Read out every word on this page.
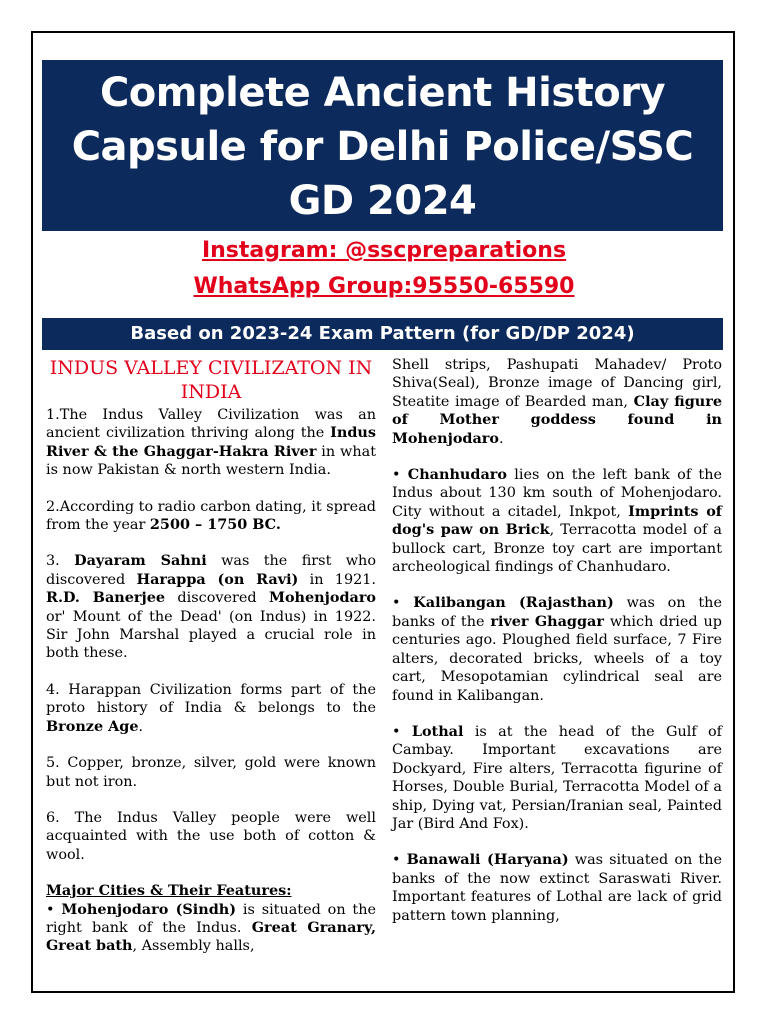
Complete Ancient History
Capsule for Delhi Police/SSC
GD 2024
Instagram: @sscpreparations
WhatsApp Group:95550-65590
Based on 2023-24 Exam Pattern (for GD/DP 2024)
INDUS VALLEY CIVILIZATON IN INDIA

1.The Indus Valley Civilization was an ancient civilization thriving along the Indus River & the Ghaggar-Hakra River in what is now Pakistan & north western India.

2.According to radio carbon dating, it spread from the year 2500 – 1750 BC.

3. Dayaram Sahni was the first who discovered Harappa (on Ravi) in 1921. R.D. Banerjee discovered Mohenjodaro or' Mount of the Dead' (on Indus) in 1922. Sir John Marshal played a crucial role in both these.

4. Harappan Civilization forms part of the proto history of India & belongs to the Bronze Age.

5. Copper, bronze, silver, gold were known but not iron.

6. The Indus Valley people were well acquainted with the use both of cotton & wool.

Major Cities & Their Features:

• Mohenjodaro (Sindh) is situated on the right bank of the Indus. Great Granary, Great bath, Assembly halls,

Shell strips, Pashupati Mahadev/ Proto Shiva(Seal), Bronze image of Dancing girl, Steatite image of Bearded man, Clay figure of Mother goddess found in Mohenjodaro.

• Chanhudaro lies on the left bank of the Indus about 130 km south of Mohenjodaro. City without a citadel, Inkpot, Imprints of dog's paw on Brick, Terracotta model of a bullock cart, Bronze toy cart are important archeological findings of Chanhudaro.

• Kalibangan (Rajasthan) was on the banks of the river Ghaggar which dried up centuries ago. Ploughed field surface, 7 Fire alters, decorated bricks, wheels of a toy cart, Mesopotamian cylindrical seal are found in Kalibangan.

• Lothal is at the head of the Gulf of Cambay. Important excavations are Dockyard, Fire alters, Terracotta figurine of Horses, Double Burial, Terracotta Model of a ship, Dying vat, Persian/Iranian seal, Painted Jar (Bird And Fox).

• Banawali (Haryana) was situated on the banks of the now extinct Saraswati River. Important features of Lothal are lack of grid pattern town planning,
